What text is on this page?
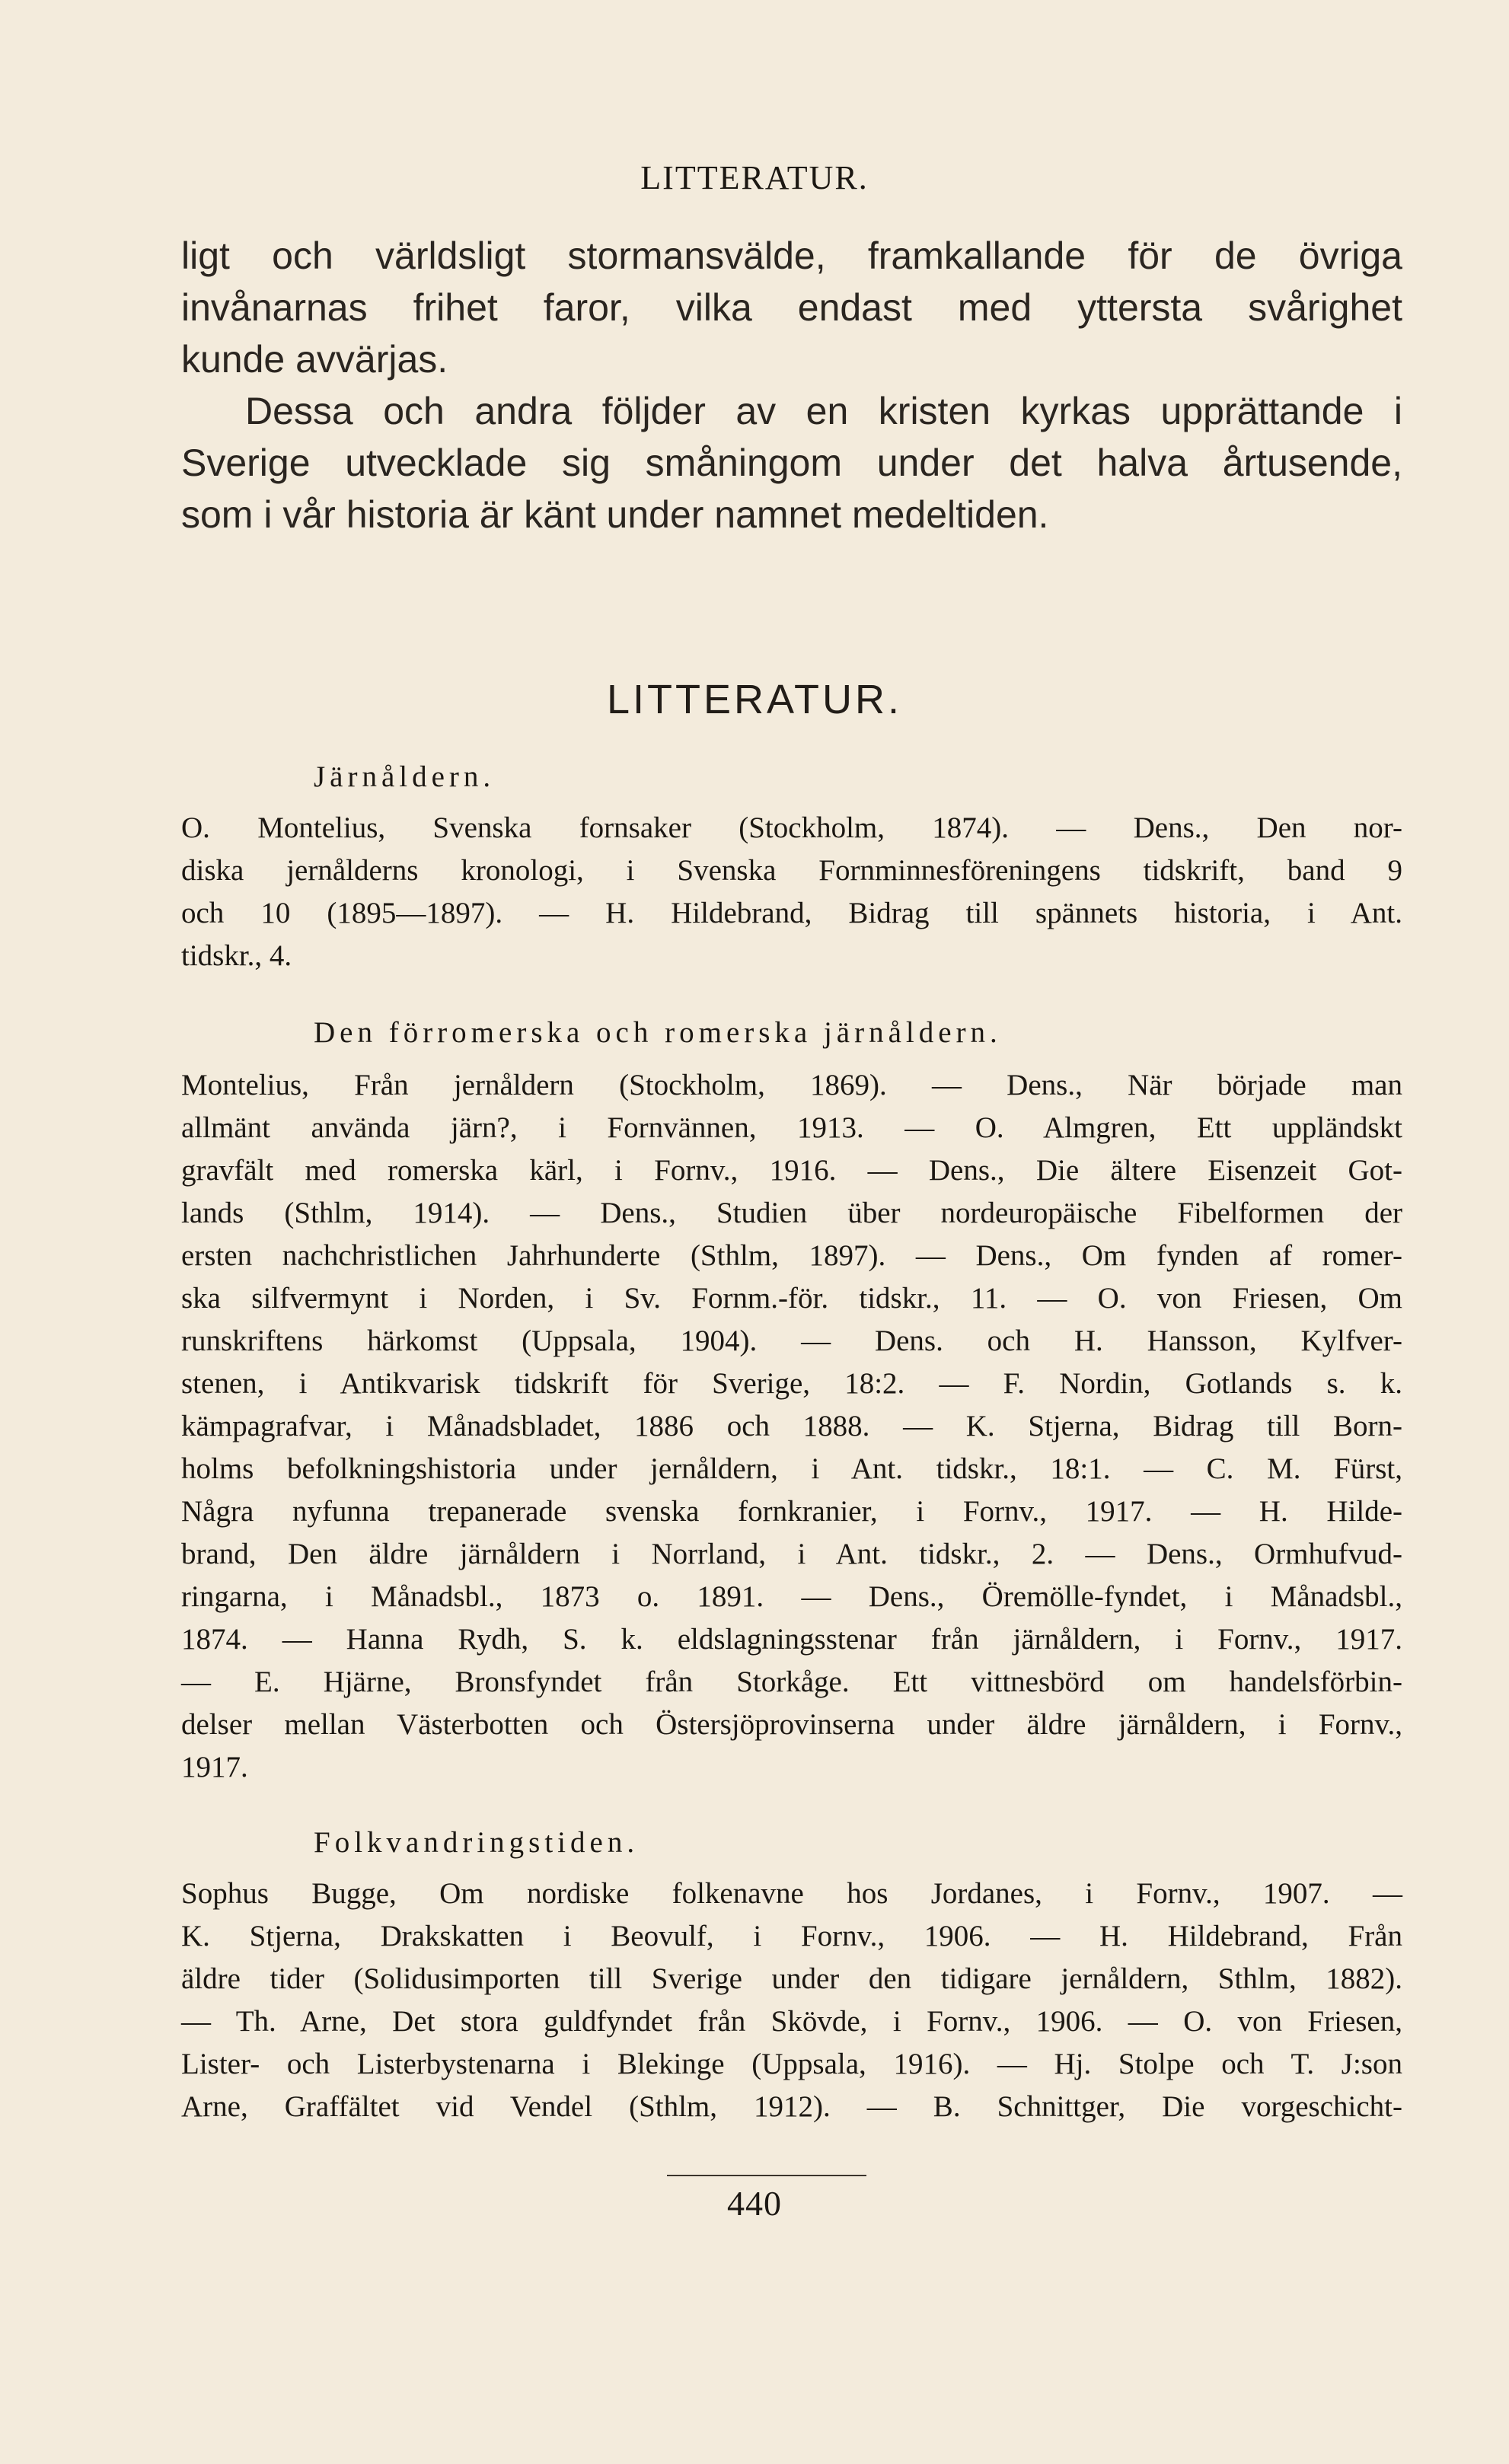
LITTERATUR.

ligt och världsligt stormansvälde, framkallande för de övriga

invånarnas frihet faror, vilka endast med yttersta svårighet

kunde avvärjas.

Dessa och andra följder av en kristen kyrkas upprättande i

Sverige utvecklade sig småningom under det halva årtusende,

som i vår historia är känt under namnet medeltiden.

LITTERATUR.
Järnåldern.
O. Montelius, Svenska fornsaker (Stockholm, 1874). — Dens., Den nor-
diska jernålderns kronologi, i Svenska Fornminnesföreningens tidskrift, band 9
och 10 (1895—1897). — H. Hildebrand, Bidrag till spännets historia, i Ant.
tidskr., 4.
Den förromerska och romerska järnåldern.
Montelius, Från jernåldern (Stockholm, 1869). — Dens., När började man
allmänt använda järn?, i Fornvännen, 1913. — O. Almgren, Ett uppländskt
gravfält med romerska kärl, i Fornv., 1916. — Dens., Die ältere Eisenzeit Got-
lands (Sthlm, 1914). — Dens., Studien über nordeuropäische Fibelformen der
ersten nachchristlichen Jahrhunderte (Sthlm, 1897). — Dens., Om fynden af romer-
ska silfvermynt i Norden, i Sv. Fornm.-för. tidskr., 11. — O. von Friesen, Om
runskriftens härkomst (Uppsala, 1904). — Dens. och H. Hansson, Kylfver-
stenen, i Antikvarisk tidskrift för Sverige, 18:2. — F. Nordin, Gotlands s. k.
kämpagrafvar, i Månadsbladet, 1886 och 1888. — K. Stjerna, Bidrag till Born-
holms befolkningshistoria under jernåldern, i Ant. tidskr., 18:1. — C. M. Fürst,
Några nyfunna trepanerade svenska fornkranier, i Fornv., 1917. — H. Hilde-
brand, Den äldre järnåldern i Norrland, i Ant. tidskr., 2. — Dens., Ormhufvud-
ringarna, i Månadsbl., 1873 o. 1891. — Dens., Öremölle-fyndet, i Månadsbl.,
1874. — Hanna Rydh, S. k. eldslagningsstenar från järnåldern, i Fornv., 1917.
— E. Hjärne, Bronsfyndet från Storkåge. Ett vittnesbörd om handelsförbin-
delser mellan Västerbotten och Östersjöprovinserna under äldre järnåldern, i Fornv.,
1917.
Folkvandringstiden.
Sophus Bugge, Om nordiske folkenavne hos Jordanes, i Fornv., 1907. —
K. Stjerna, Drakskatten i Beovulf, i Fornv., 1906. — H. Hildebrand, Från
äldre tider (Solidusimporten till Sverige under den tidigare jernåldern, Sthlm, 1882).
— Th. Arne, Det stora guldfyndet från Skövde, i Fornv., 1906. — O. von Friesen,
Lister- och Listerbystenarna i Blekinge (Uppsala, 1916). — Hj. Stolpe och T. J:son
Arne, Graffältet vid Vendel (Sthlm, 1912). — B. Schnittger, Die vorgeschicht-
440
